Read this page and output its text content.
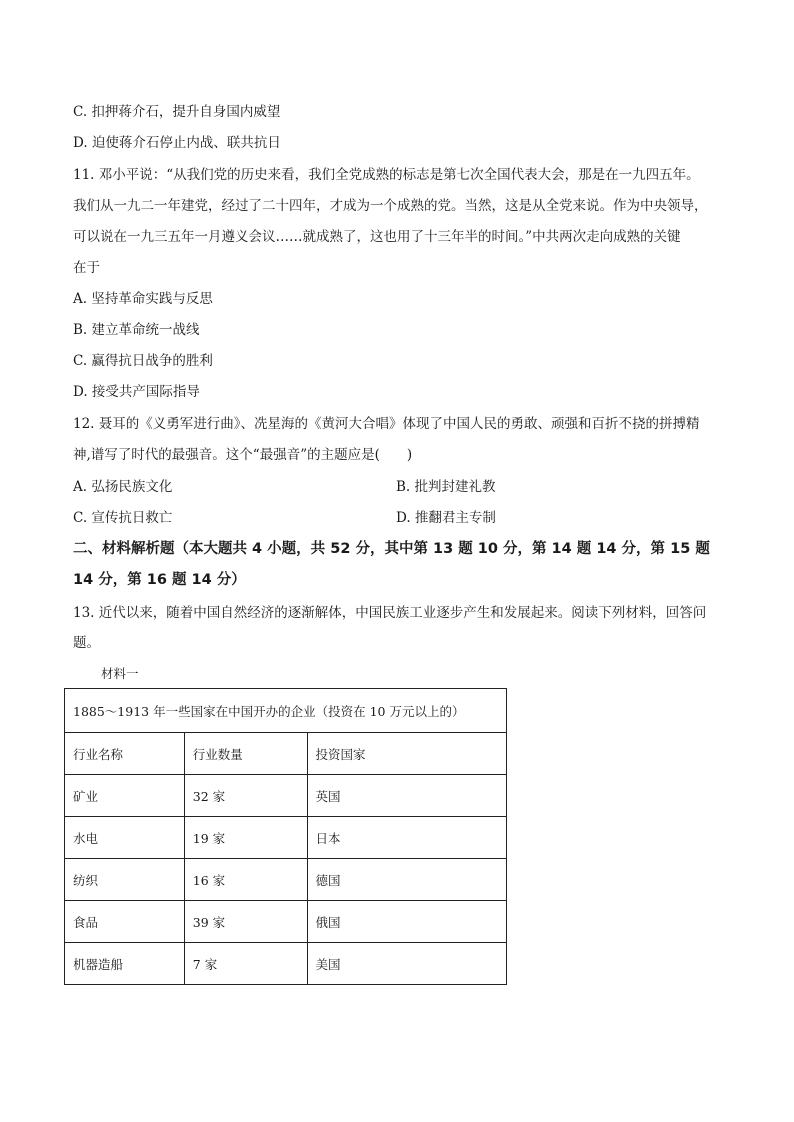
C. 扣押蒋介石，提升自身国内威望
D. 迫使蒋介石停止内战、联共抗日
11. 邓小平说：“从我们党的历史来看，我们全党成熟的标志是第七次全国代表大会，那是在一九四五年。
我们从一九二一年建党，经过了二十四年，才成为一个成熟的党。当然，这是从全党来说。作为中央领导，
可以说在一九三五年一月遵义会议……就成熟了，这也用了十三年半的时间。”中共两次走向成熟的关键
在于
A. 坚持革命实践与反思
B. 建立革命统一战线
C. 赢得抗日战争的胜利
D. 接受共产国际指导
12. 聂耳的《义勇军进行曲》、冼星海的《黄河大合唱》体现了中国人民的勇敢、顽强和百折不挠的拼搏精
神,谱写了时代的最强音。这个“最强音”的主题应是(　　)
A. 弘扬民族文化	B. 批判封建礼教
C. 宣传抗日救亡	D. 推翻君主专制
二、材料解析题（本大题共 4 小题，共 52 分，其中第 13 题 10 分，第 14 题 14 分，第 15 题
14 分，第 16 题 14 分）
13. 近代以来，随着中国自然经济的逐渐解体，中国民族工业逐步产生和发展起来。阅读下列材料，回答问
题。
材料一
1885～1913 年一些国家在中国开办的企业（投资在 10 万元以上的）		
行业名称	行业数量	投资国家
矿业	32 家	英国
水电	19 家	日本
纺织	16 家	德国
食品	39 家	俄国
机器造船	7 家	美国
